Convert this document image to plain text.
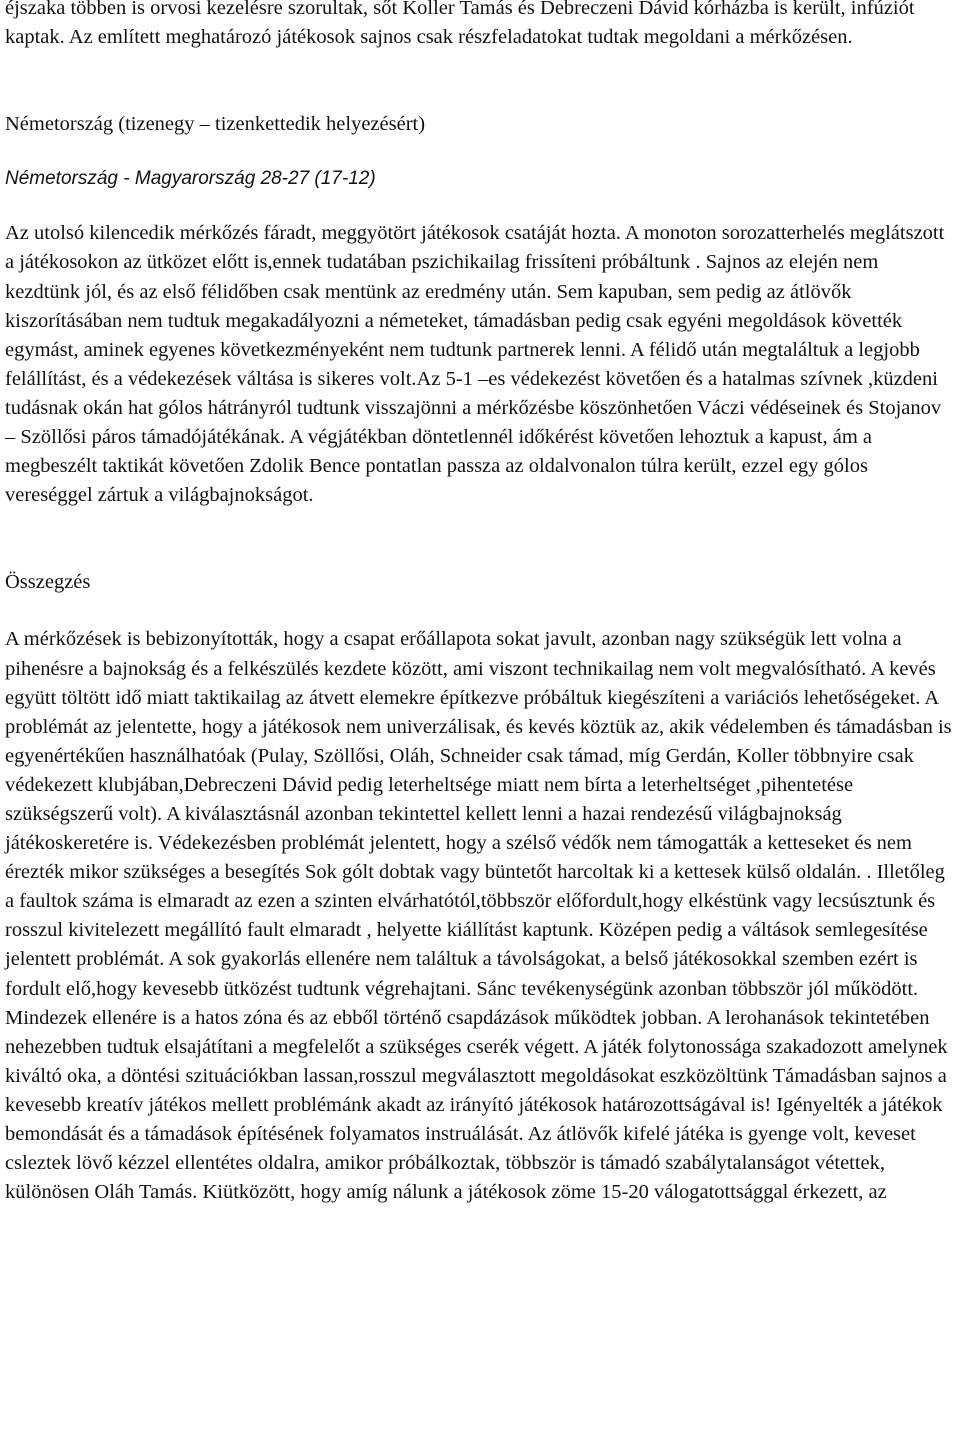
éjszaka többen is orvosi kezelésre szorultak, sőt Koller Tamás és Debreczeni Dávid kórházba is került, infúziót kaptak. Az említett meghatározó játékosok sajnos csak részfeladatokat tudtak megoldani a mérkőzésen.

Németország (tizenegy – tizenkettedik helyezésért)

Németország - Magyarország 28-27 (17-12)

Az utolsó kilencedik mérkőzés fáradt, meggyötört játékosok csatáját hozta. A monoton sorozatterhelés meglátszott a játékosokon az ütközet előtt is,ennek tudatában pszichikailag frissíteni próbáltunk . Sajnos az elején nem kezdtünk jól, és az első félidőben csak mentünk az eredmény után. Sem kapuban, sem pedig az átlövők kiszorításában nem tudtuk megakadályozni a németeket, támadásban pedig csak egyéni megoldások követték egymást, aminek egyenes következményeként nem tudtunk partnerek lenni. A félidő után megtaláltuk a legjobb felállítást, és a védekezések váltása is sikeres volt.Az 5-1 –es védekezést követően és a hatalmas szívnek ,küzdeni tudásnak okán hat gólos hátrányról tudtunk visszajönni a mérkőzésbe köszönhetően Váczi védéseinek és Stojanov – Szöllősi páros támadójátékának. A végjátékban döntetlennél időkérést követően lehoztuk a kapust, ám a megbeszélt taktikát követően Zdolik Bence pontatlan passza az oldalvonalon túlra került, ezzel egy gólos vereséggel zártuk a világbajnokságot.

Összegzés

A mérkőzések is bebizonyították, hogy a csapat erőállapota sokat javult, azonban nagy szükségük lett volna a pihenésre a bajnokság és a felkészülés kezdete között, ami viszont technikailag nem volt megvalósítható. A kevés együtt töltött idő miatt taktikailag az átvett elemekre építkezve próbáltuk kiegészíteni a variációs lehetőségeket. A problémát az jelentette, hogy a játékosok nem univerzálisak, és kevés köztük az, akik védelemben és támadásban is egyenértékűen használhatóak (Pulay, Szöllősi, Oláh, Schneider csak támad, míg Gerdán, Koller többnyire csak védekezett klubjában,Debreczeni Dávid pedig leterheltsége miatt nem bírta a leterheltséget ,pihentetése szükségszerű volt). A kiválasztásnál azonban tekintettel kellett lenni a hazai rendezésű világbajnokság játékoskeretére is. Védekezésben problémát jelentett, hogy a szélső védők nem támogatták a ketteseket és nem érezték mikor szükséges a besegítés Sok gólt dobtak vagy büntetőt harcoltak ki a kettesek külső oldalán. . Illetőleg a faultok száma is elmaradt az ezen a szinten elvárhatótól,többször előfordult,hogy elkéstünk vagy lecsúsztunk és rosszul kivitelezett megállító fault elmaradt , helyette kiállítást kaptunk. Középen pedig a váltások semlegesítése jelentett problémát. A sok gyakorlás ellenére nem találtuk a távolságokat, a belső játékosokkal szemben ezért is fordult elő,hogy kevesebb ütközést tudtunk végrehajtani. Sánc tevékenységünk azonban többször jól működött. Mindezek ellenére is a hatos zóna és az ebből történő csapdázások működtek jobban. A lerohanások tekintetében nehezebben tudtuk elsajátítani a megfelelőt a szükséges cserék végett. A játék folytonossága szakadozott amelynek kiváltó oka, a döntési szituációkban lassan,rosszul megválasztott megoldásokat eszközöltünk Támadásban sajnos a kevesebb kreatív játékos mellett problémánk akadt az irányító játékosok határozottságával is! Igényelték a játékok bemondását és a támadások építésének folyamatos instruálását. Az átlövők kifelé játéka is gyenge volt, keveset csleztek lövő kézzel ellentétes oldalra, amikor próbálkoztak, többször is támadó szabálytalanságot vétettek, különösen Oláh Tamás. Kiütközött, hogy amíg nálunk a játékosok zöme 15-20 válogatottsággal érkezett, az
